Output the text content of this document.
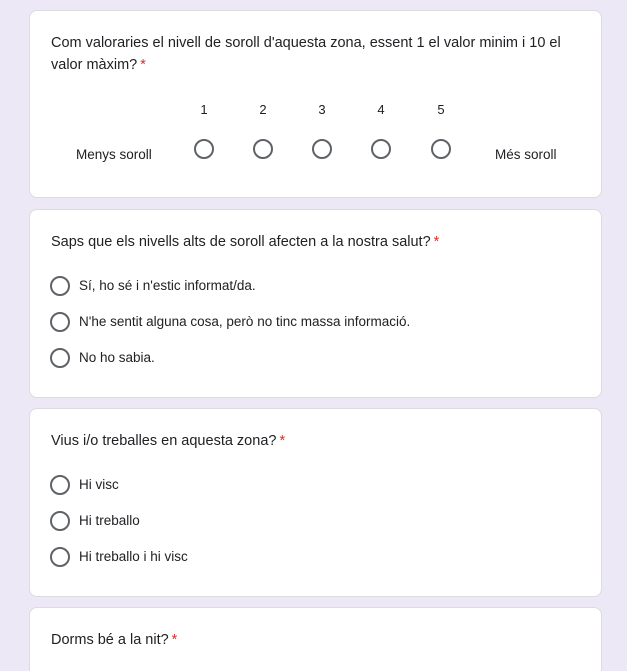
Com valoraries el nivell de soroll d'aquesta zona, essent 1 el valor minim i 10 el valor màxim? *
1	2	3	4	5
Menys soroll	Més soroll
Saps que els nivells alts de soroll afecten a la nostra salut? *
Sí, ho sé i n'estic informat/da.
N'he sentit alguna cosa, però no tinc massa informació.
No ho sabia.
Vius i/o treballes en aquesta zona? *
Hi visc
Hi treballo
Hi treballo i hi visc
Dorms bé a la nit? *
